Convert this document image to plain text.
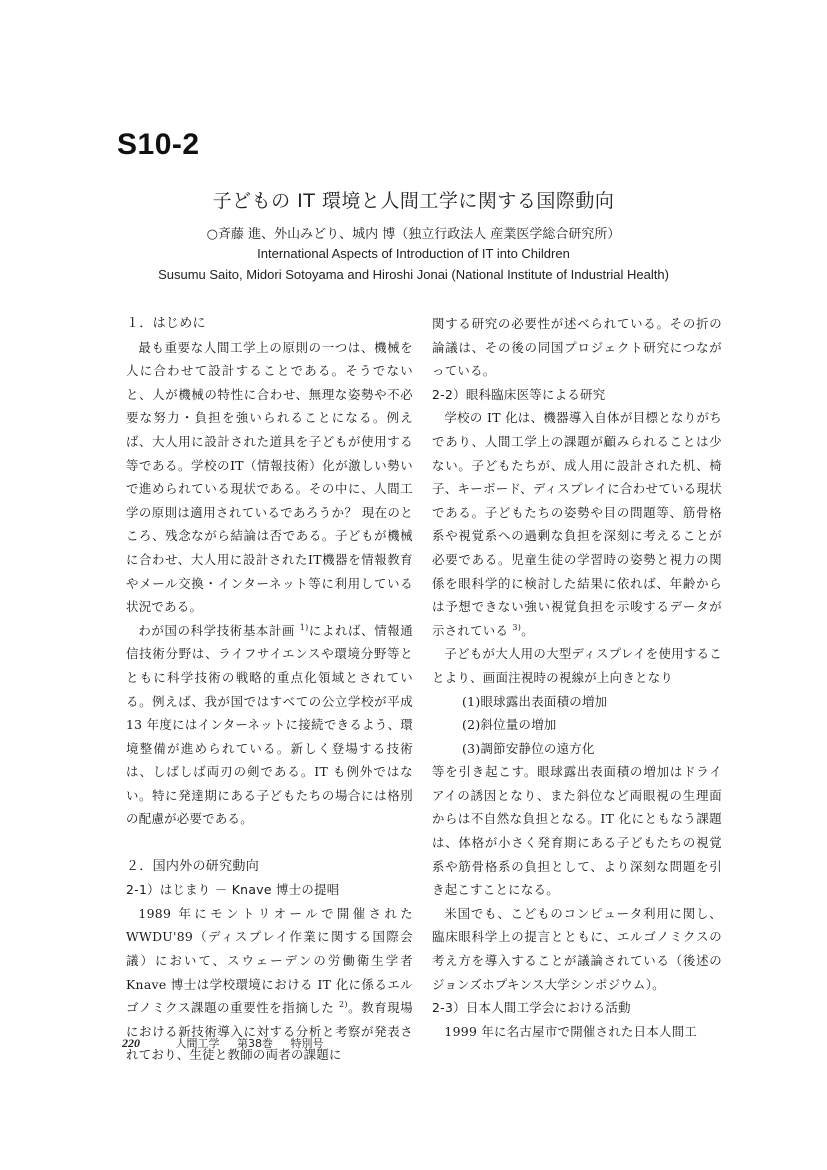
S10-2
子どもの IT 環境と人間工学に関する国際動向
○斉藤 進、外山みどり、城内 博（独立行政法人 産業医学総合研究所）
International Aspects of Introduction of IT into Children
Susumu Saito, Midori Sotoyama and Hiroshi Jonai (National Institute of Industrial Health)
１．はじめに

最も重要な人間工学上の原則の一つは、機械を人に合わせて設計することである。そうでないと、人が機械の特性に合わせ、無理な姿勢や不必要な努力・負担を強いられることになる。例えば、大人用に設計された道具を子どもが使用する等である。学校のIT（情報技術）化が激しい勢いで進められている現状である。その中に、人間工学の原則は適用されているであろうか？ 現在のところ、残念ながら結論は否である。子どもが機械に合わせ、大人用に設計されたIT機器を情報教育やメール交換・インターネット等に利用している状況である。

わが国の科学技術基本計画 $^{1)}$によれば、情報通信技術分野は、ライフサイエンスや環境分野等とともに科学技術の戦略的重点化領域とされている。例えば、我が国ではすべての公立学校が平成 13 年度にはインターネットに接続できるよう、環境整備が進められている。新しく登場する技術は、しばしば両刃の剣である。IT も例外ではない。特に発達期にある子どもたちの場合には格別の配慮が必要である。

２．国内外の研究動向
2-1）はじまり － Knave 博士の提唱

1989 年にモントリオールで開催された WWDU'89（ディスプレイ作業に関する国際会議）において、スウェーデンの労働衛生学者 Knave 博士は学校環境における IT 化に係るエルゴノミクス課題の重要性を指摘した $^{2)}$。教育現場における新技術導入に対する分析と考察が発表されており、生徒と教師の両者の課題に

関する研究の必要性が述べられている。その折の論議は、その後の同国プロジェクト研究につながっている。

2-2）眼科臨床医等による研究

学校の IT 化は、機器導入自体が目標となりがちであり、人間工学上の課題が顧みられることは少ない。子どもたちが、成人用に設計された机、椅子、キーボード、ディスプレイに合わせている現状である。子どもたちの姿勢や目の問題等、筋骨格系や視覚系への過剰な負担を深刻に考えることが必要である。児童生徒の学習時の姿勢と視力の関係を眼科学的に検討した結果に依れば、年齢からは予想できない強い視覚負担を示唆するデータが示されている $^{3)}$。

子どもが大人用の大型ディスプレイを使用することより、画面注視時の視線が上向きとなり

(1)眼球露出表面積の増加
(2)斜位量の増加
(3)調節安静位の遠方化

等を引き起こす。眼球露出表面積の増加はドライアイの誘因となり、また斜位など両眼視の生理面からは不自然な負担となる。IT 化にともなう課題は、体格が小さく発育期にある子どもたちの視覚系や筋骨格系の負担として、より深刻な問題を引き起こすことになる。

米国でも、こどものコンピュータ利用に関し、臨床眼科学上の提言とともに、エルゴノミクスの考え方を導入することが議論されている（後述のジョンズホプキンス大学シンポジウム）。

2-3）日本人間工学会における活動

1999 年に名古屋市で開催された日本人間工

220	人間工学 第38巻 特別号
